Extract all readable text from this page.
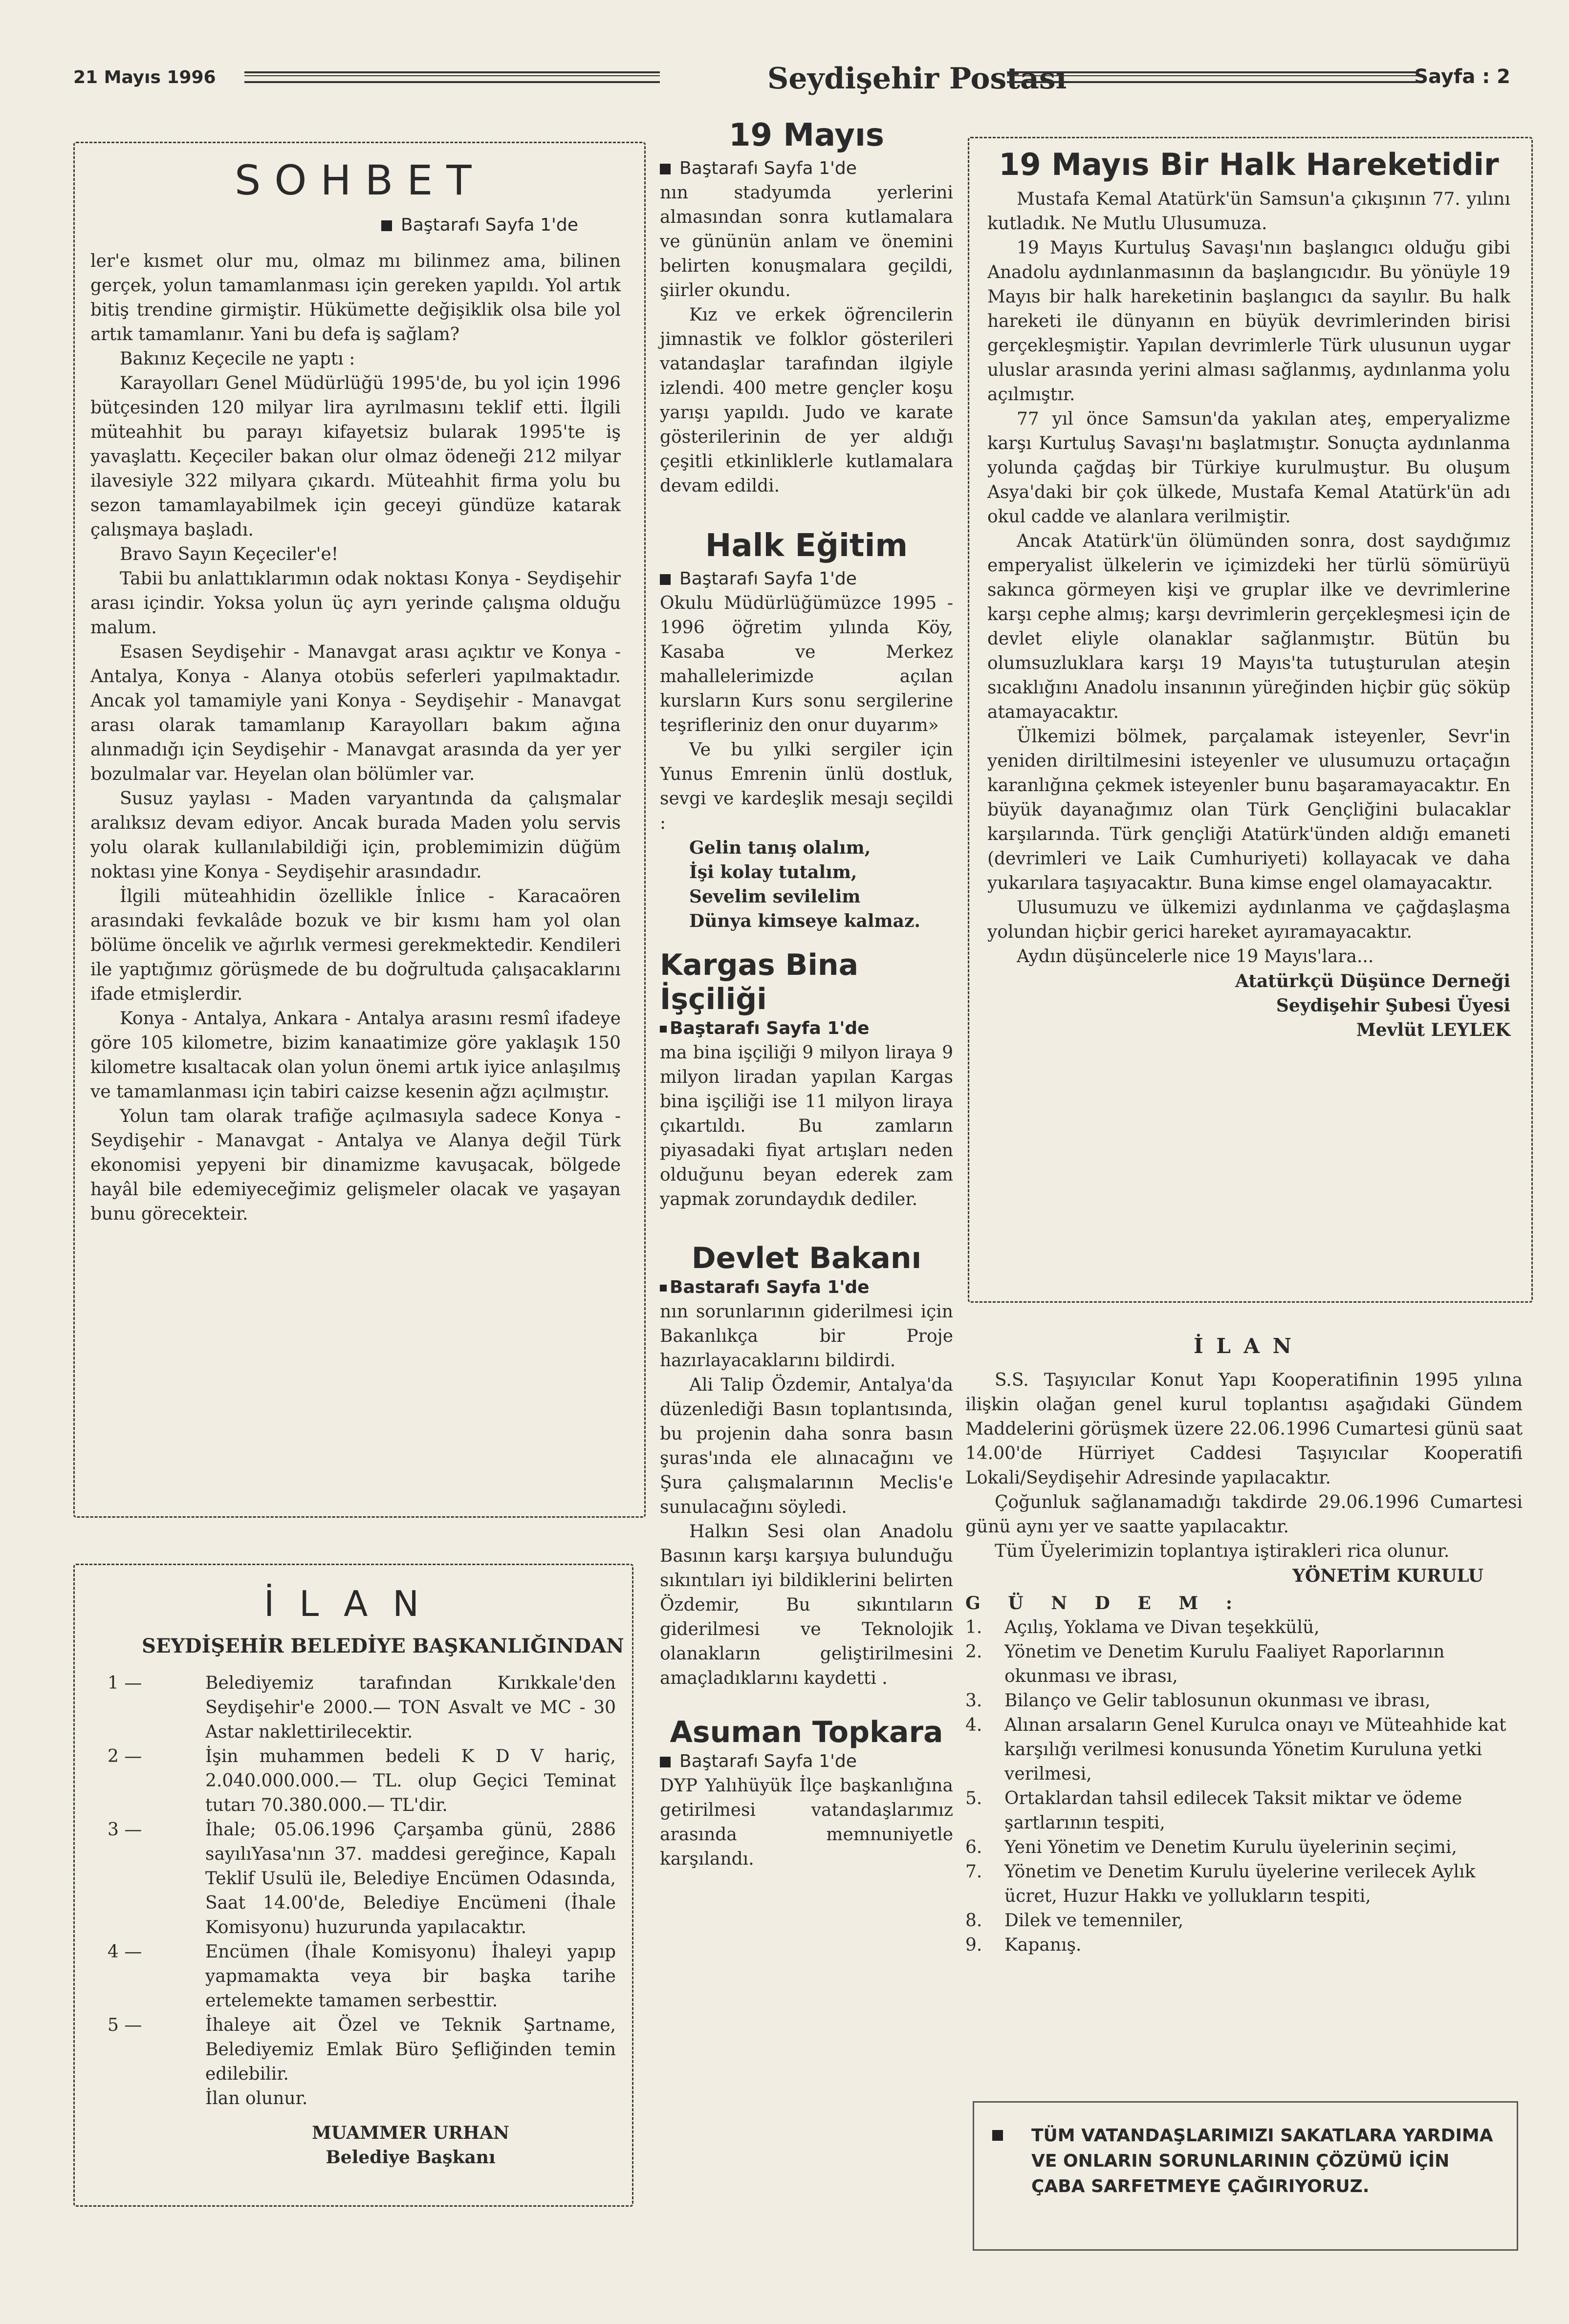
21 Mayıs 1996	Seydişehir Postası	Sayfa : 2
SOHBET
Baştarafı Sayfa 1'de

ler'e kısmet olur mu, olmaz mı bilinmez ama, bilinen gerçek, yolun tamamlanması için gereken yapıldı. Yol artık bitiş trendine girmiştir. Hükümette değişiklik olsa bile yol artık tamamlanır. Yani bu defa iş sağlam?

Bakınız Keçecile ne yaptı :

Karayolları Genel Müdürlüğü 1995'de, bu yol için 1996 bütçesinden 120 milyar lira ayrılmasını teklif etti. İlgili müteahhit bu parayı kifayetsiz bularak 1995'te iş yavaşlattı. Keçeciler bakan olur olmaz ödeneği 212 milyar ilavesiyle 322 milyara çıkardı. Müteahhit firma yolu bu sezon tamamlayabilmek için geceyi gündüze katarak çalışmaya başladı.

Bravo Sayın Keçeciler'e!

Tabii bu anlattıklarımın odak noktası Konya - Seydişehir arası içindir. Yoksa yolun üç ayrı yerinde çalışma olduğu malum.

Esasen Seydişehir - Manavgat arası açıktır ve Konya - Antalya, Konya - Alanya otobüs seferleri yapılmaktadır. Ancak yol tamamiyle yani Konya - Seydişehir - Manavgat arası olarak tamamlanıp Karayolları bakım ağına alınmadığı için Seydişehir - Manavgat arasında da yer yer bozulmalar var. Heyelan olan bölümler var.

Susuz yaylası - Maden varyantında da çalışmalar aralıksız devam ediyor. Ancak burada Maden yolu servis yolu olarak kullanılabildiği için, problemimizin düğüm noktası yine Konya - Seydişehir arasındadır.

İlgili müteahhidin özellikle İnlice - Karacaören arasındaki fevkalâde bozuk ve bir kısmı ham yol olan bölüme öncelik ve ağırlık vermesi gerekmektedir. Kendileri ile yaptığımız görüşmede de bu doğrultuda çalışacaklarını ifade etmişlerdir.

Konya - Antalya, Ankara - Antalya arasını resmî ifadeye göre 105 kilometre, bizim kanaatimize göre yaklaşık 150 kilometre kısaltacak olan yolun önemi artık iyice anlaşılmış ve tamamlanması için tabiri caizse kesenin ağzı açılmıştır.

Yolun tam olarak trafiğe açılmasıyla sadece Konya - Seydişehir - Manavgat - Antalya ve Alanya değil Türk ekonomisi yepyeni bir dinamizme kavuşacak, bölgede hayâl bile edemiyeceğimiz gelişmeler olacak ve yaşayan bunu görecekteir.

İ L A N
SEYDİŞEHİR BELEDİYE BAŞKANLIĞINDAN
1 —	Belediyemiz tarafından Kırıkkale'den Seydişehir'e 2000.— TON Asvalt ve MC - 30 Astar naklettirilecektir.
2 —	İşin muhammen bedeli K D V hariç, 2.040.000.000.— TL. olup Geçici Teminat tutarı 70.380.000.— TL'dir.
3 —	İhale; 05.06.1996 Çarşamba günü, 2886 sayılıYasa'nın 37. maddesi gereğince, Kapalı Teklif Usulü ile, Belediye Encümen Odasında, Saat 14.00'de, Belediye Encümeni (İhale Komisyonu) huzurunda yapılacaktır.
4 —	Encümen (İhale Komisyonu) İhaleyi yapıp yapmamakta veya bir başka tarihe ertelemekte tamamen serbesttir.
5 —	İhaleye ait Özel ve Teknik Şartname, Belediyemiz Emlak Büro Şefliğinden temin edilebilir.

İlan olunur.

MUAMMER URHAN

Belediye Başkanı

19 Mayıs

Baştarafı Sayfa 1'de

nın stadyumda yerlerini almasından sonra kutlamalara ve gününün anlam ve önemini belirten konuşmalara geçildi, şiirler okundu.

Kız ve erkek öğrencilerin jimnastik ve folklor gösterileri vatandaşlar tarafından ilgiyle izlendi. 400 metre gençler koşu yarışı yapıldı. Judo ve karate gösterilerinin de yer aldığı çeşitli etkinliklerle kutlamalara devam edildi.

Halk Eğitim

Baştarafı Sayfa 1'de

Okulu Müdürlüğümüzce 1995 - 1996 öğretim yılında Köy, Kasaba ve Merkez mahallelerimizde açılan kursların Kurs sonu sergilerine teşrifleriniz den onur duyarım»

Ve bu yılki sergiler için Yunus Emrenin ünlü dostluk, sevgi ve kardeşlik mesajı seçildi :

Gelin tanış olalım,

İşi kolay tutalım,

Sevelim sevilelim

Dünya kimseye kalmaz.

Kargas Bina İşçiliği

Baştarafı Sayfa 1'de

ma bina işçiliği 9 milyon liraya 9 milyon liradan yapılan Kargas bina işçiliği ise 11 milyon liraya çıkartıldı. Bu zamların piyasadaki fiyat artışları neden olduğunu beyan ederek zam yapmak zorundaydık dediler.

Devlet Bakanı

Bastarafı Sayfa 1'de

nın sorunlarının giderilmesi için Bakanlıkça bir Proje hazırlayacaklarını bildirdi.

Ali Talip Özdemir, Antalya'da düzenlediği Basın toplantısında, bu projenin daha sonra basın şuras'ında ele alınacağını ve Şura çalışmalarının Meclis'e sunulacağını söyledi.

Halkın Sesi olan Anadolu Basının karşı karşıya bulunduğu sıkıntıları iyi bildiklerini belirten Özdemir, Bu sıkıntıların giderilmesi ve Teknolojik olanakların geliştirilmesini amaçladıklarını kaydetti .

Asuman Topkara

Baştarafı Sayfa 1'de

DYP Yalıhüyük İlçe başkanlığına getirilmesi vatandaşlarımız arasında memnuniyetle karşılandı.

19 Mayıs Bir Halk Hareketidir

Mustafa Kemal Atatürk'ün Samsun'a çıkışının 77. yılını kutladık. Ne Mutlu Ulusumuza.

19 Mayıs Kurtuluş Savaşı'nın başlangıcı olduğu gibi Anadolu aydınlanmasının da başlangıcıdır. Bu yönüyle 19 Mayıs bir halk hareketinin başlangıcı da sayılır. Bu halk hareketi ile dünyanın en büyük devrimlerinden birisi gerçekleşmiştir. Yapılan devrimlerle Türk ulusunun uygar uluslar arasında yerini alması sağlanmış, aydınlanma yolu açılmıştır.

77 yıl önce Samsun'da yakılan ateş, emperyalizme karşı Kurtuluş Savaşı'nı başlatmıştır. Sonuçta aydınlanma yolunda çağdaş bir Türkiye kurulmuştur. Bu oluşum Asya'daki bir çok ülkede, Mustafa Kemal Atatürk'ün adı okul cadde ve alanlara verilmiştir.

Ancak Atatürk'ün ölümünden sonra, dost saydığımız emperyalist ülkelerin ve içimizdeki her türlü sömürüyü sakınca görmeyen kişi ve gruplar ilke ve devrimlerine karşı cephe almış; karşı devrimlerin gerçekleşmesi için de devlet eliyle olanaklar sağlanmıştır. Bütün bu olumsuzluklara karşı 19 Mayıs'ta tutuşturulan ateşin sıcaklığını Anadolu insanının yüreğinden hiçbir güç söküp atamayacaktır.

Ülkemizi bölmek, parçalamak isteyenler, Sevr'in yeniden diriltilmesini isteyenler ve ulusumuzu ortaçağın karanlığına çekmek isteyenler bunu başaramayacaktır. En büyük dayanağımız olan Türk Gençliğini bulacaklar karşılarında. Türk gençliği Atatürk'ünden aldığı emaneti (devrimleri ve Laik Cumhuriyeti) kollayacak ve daha yukarılara taşıyacaktır. Buna kimse engel olamayacaktır.

Ulusumuzu ve ülkemizi aydınlanma ve çağdaşlaşma yolundan hiçbir gerici hareket ayıramayacaktır.

Aydın düşüncelerle nice 19 Mayıs'lara...

Atatürkçü Düşünce Derneği

Seydişehir Şubesi Üyesi

Mevlüt LEYLEK

İ L A N

S.S. Taşıyıcılar Konut Yapı Kooperatifinin 1995 yılına ilişkin olağan genel kurul toplantısı aşağıdaki Gündem Maddelerini görüşmek üzere 22.06.1996 Cumartesi günü saat 14.00'de Hürriyet Caddesi Taşıyıcılar Kooperatifi Lokali/Seydişehir Adresinde yapılacaktır.

Çoğunluk sağlanamadığı takdirde 29.06.1996 Cumartesi günü aynı yer ve saatte yapılacaktır.

Tüm Üyelerimizin toplantıya iştirakleri rica olunur.

YÖNETİM KURULU

G Ü N D E M :

1. Açılış, Yoklama ve Divan teşekkülü,
2. Yönetim ve Denetim Kurulu Faaliyet Raporlarının okunması ve ibrası,
3. Bilanço ve Gelir tablosunun okunması ve ibrası,
4. Alınan arsaların Genel Kurulca onayı ve Müteahhide kat karşılığı verilmesi konusunda Yönetim Kuruluna yetki verilmesi,
5. Ortaklardan tahsil edilecek Taksit miktar ve ödeme şartlarının tespiti,
6. Yeni Yönetim ve Denetim Kurulu üyelerinin seçimi,
7. Yönetim ve Denetim Kurulu üyelerine verilecek Aylık ücret, Huzur Hakkı ve yollukların tespiti,
8. Dilek ve temenniler,
9. Kapanış.

TÜM VATANDAŞLARIMIZI SAKATLARA YARDIMA VE ONLARIN SORUNLARININ ÇÖZÜMÜ İÇİN ÇABA SARFETMEYE ÇAĞIRIYORUZ.
